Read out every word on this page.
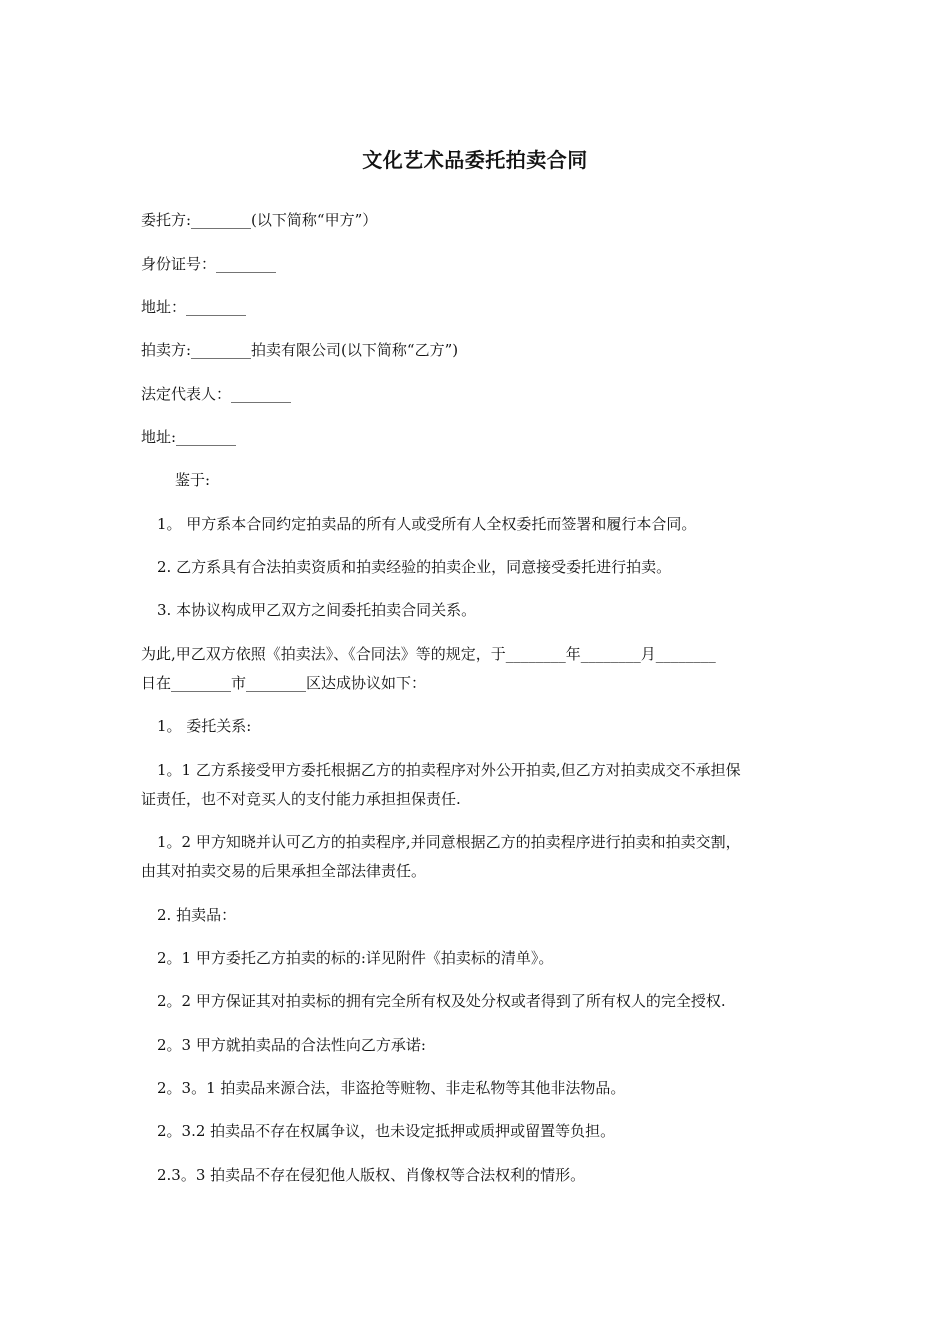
文化艺术品委托拍卖合同
委托方:________(以下简称“甲方”）
身份证号：________
地址：________
拍卖方:________拍卖有限公司(以下简称“乙方”)
法定代表人：________
地址:________
鉴于:
1。 甲方系本合同约定拍卖品的所有人或受所有人全权委托而签署和履行本合同。
2. 乙方系具有合法拍卖资质和拍卖经验的拍卖企业，同意接受委托进行拍卖。
3. 本协议构成甲乙双方之间委托拍卖合同关系。
为此,甲乙双方依照《拍卖法》、《合同法》等的规定，于________年________月________
日在________市________区达成协议如下：
1。 委托关系:
1。1 乙方系接受甲方委托根据乙方的拍卖程序对外公开拍卖,但乙方对拍卖成交不承担保
证责任，也不对竞买人的支付能力承担担保责任.
1。2 甲方知晓并认可乙方的拍卖程序,并同意根据乙方的拍卖程序进行拍卖和拍卖交割，
由其对拍卖交易的后果承担全部法律责任。
2. 拍卖品：
2。1 甲方委托乙方拍卖的标的:详见附件《拍卖标的清单》。
2。2 甲方保证其对拍卖标的拥有完全所有权及处分权或者得到了所有权人的完全授权.
2。3 甲方就拍卖品的合法性向乙方承诺:
2。3。1 拍卖品来源合法，非盗抢等赃物、非走私物等其他非法物品。
2。3.2 拍卖品不存在权属争议，也未设定抵押或质押或留置等负担。
2.3。3 拍卖品不存在侵犯他人版权、肖像权等合法权利的情形。
